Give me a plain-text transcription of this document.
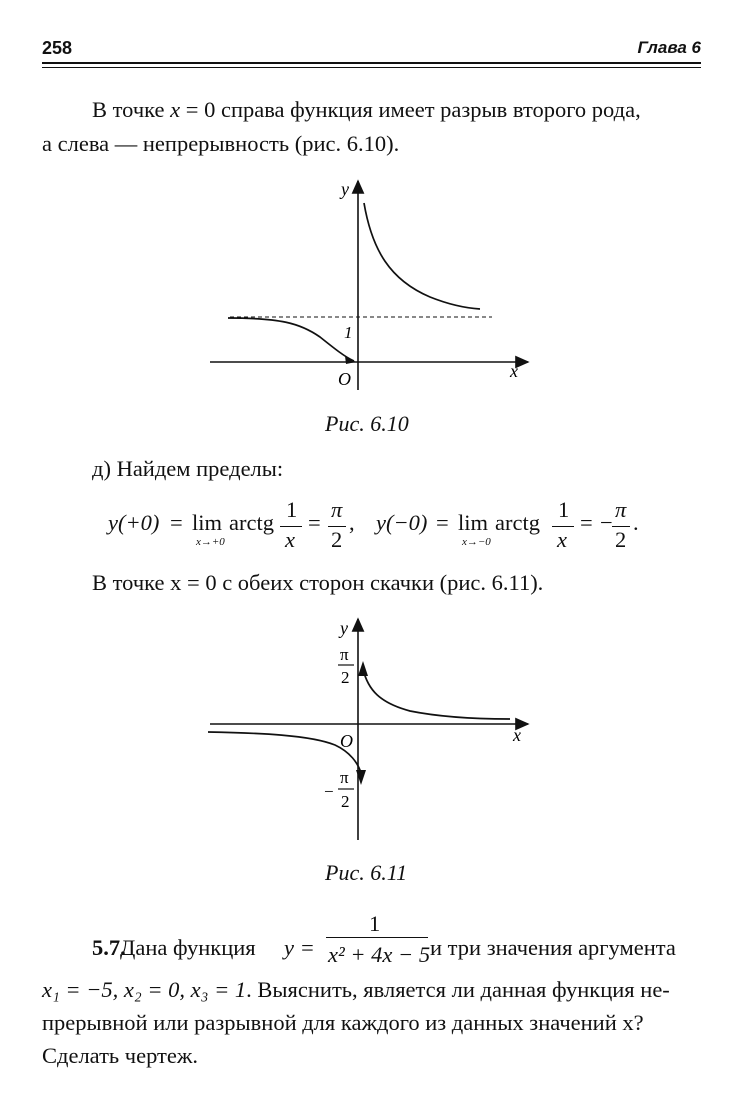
258	Глава 6
В точке x = 0 справа функция имеет разрыв второго рода,
а слева — непрерывность (рис. 6.10).
y
x
O
1
Рис. 6.10
д) Найдем пределы:
y(+0) = lim
x→+0
arctg
1
x
=
π
2
, y(−0) = lim
x→−0
arctg
1
x
= −
π
2
.
В точке x = 0 с обеих сторон скачки (рис. 6.11).
y
x
O
π
2
−
π
2
Рис. 6.11
5.7.
Дана функция y =
1
x² + 4x − 5 и три значения аргумента
x₁ = −5, x₂ = 0, x₃ = 1. Выяснить, является ли данная функция не-
прерывной или разрывной для каждого из данных значений x?
Сделать чертеж.
